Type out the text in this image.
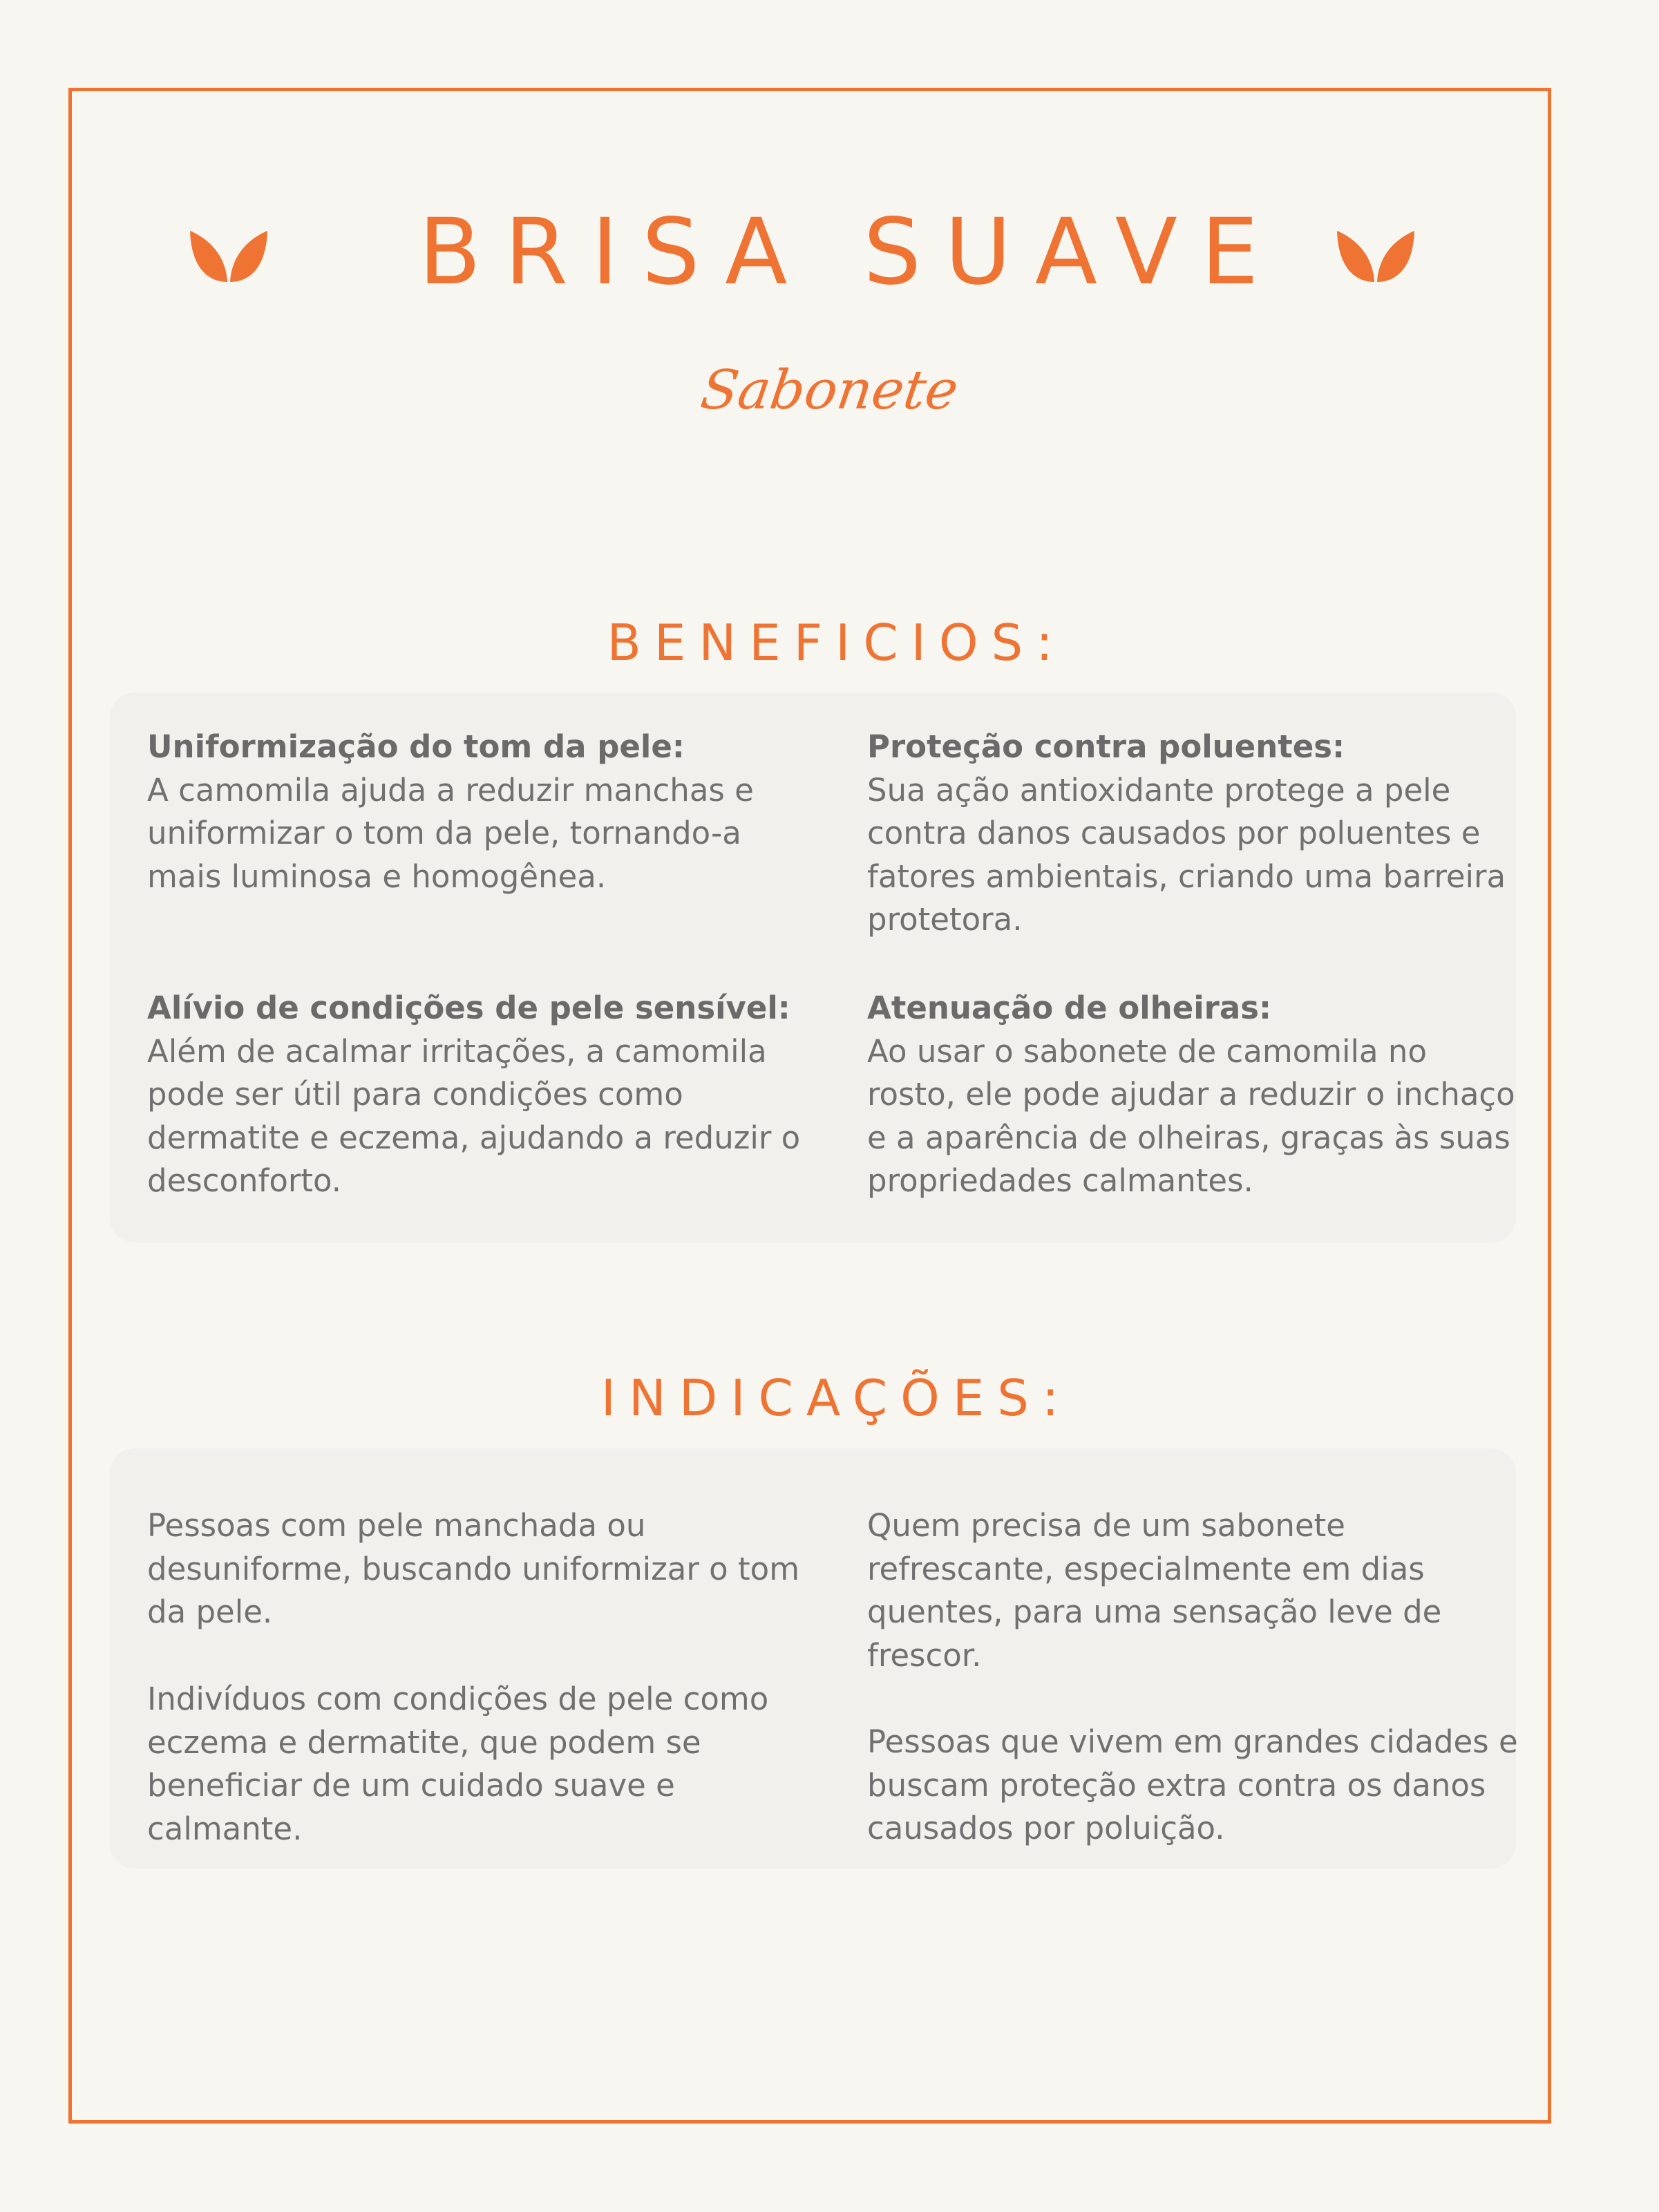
BRISA SUAVE
Sabonete
BENEFICIOS:
Uniformização do tom da pele:
A camomila ajuda a reduzir manchas e uniformizar o tom da pele, tornando-a mais luminosa e homogênea.
Proteção contra poluentes:
Sua ação antioxidante protege a pele contra danos causados por poluentes e fatores ambientais, criando uma barreira protetora.
Alívio de condições de pele sensível:
Além de acalmar irritações, a camomila pode ser útil para condições como dermatite e eczema, ajudando a reduzir o desconforto.
Atenuação de olheiras:
Ao usar o sabonete de camomila no rosto, ele pode ajudar a reduzir o inchaço e a aparência de olheiras, graças às suas propriedades calmantes.
INDICAÇÕES:
Pessoas com pele manchada ou desuniforme, buscando uniformizar o tom da pele.
Quem precisa de um sabonete refrescante, especialmente em dias quentes, para uma sensação leve de frescor.
Indivíduos com condições de pele como eczema e dermatite, que podem se beneficiar de um cuidado suave e calmante.
Pessoas que vivem em grandes cidades e buscam proteção extra contra os danos causados por poluição.
